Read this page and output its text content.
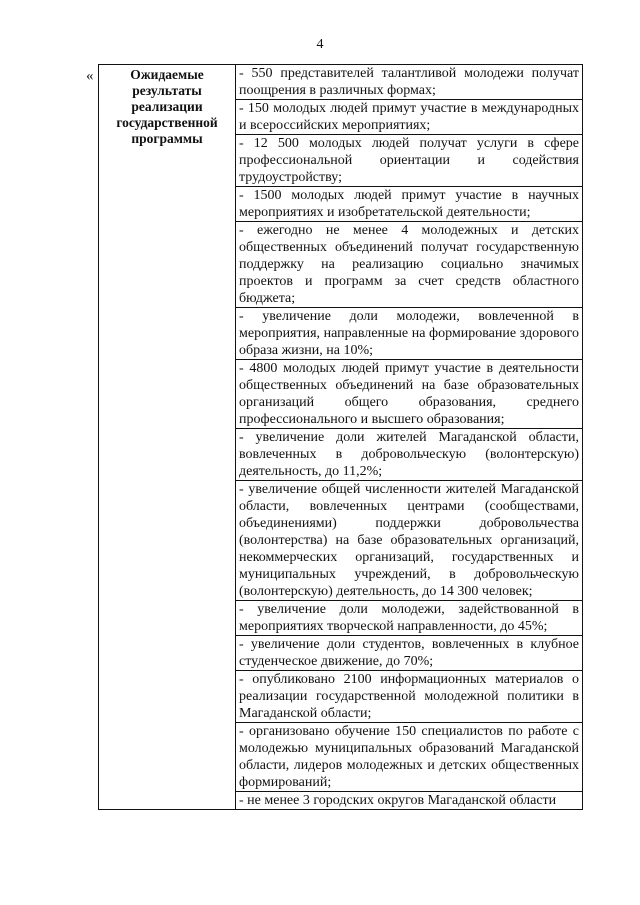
4
«	Ожидаемые
результаты
реализации
государственной
программы

- 550 представителей талантливой молодежи получат поощрения в различных формах;
- 150 молодых людей примут участие в международных и всероссийских мероприятиях;
- 12 500 молодых людей получат услуги в сфере профессиональной ориентации и содействия трудоустройству;
- 1500 молодых людей примут участие в научных мероприятиях и изобретательской деятельности;
- ежегодно не менее 4 молодежных и детских общественных объединений получат государственную поддержку на реализацию социально значимых проектов и программ за счет средств областного бюджета;
- увеличение доли молодежи, вовлеченной в мероприятия, направленные на формирование здорового образа жизни, на 10%;
- 4800 молодых людей примут участие в деятельности общественных объединений на базе образовательных организаций общего образования, среднего профессионального и высшего образования;
- увеличение доли жителей Магаданской области, вовлеченных в добровольческую (волонтерскую) деятельность, до 11,2%;
- увеличение общей численности жителей Магаданской области, вовлеченных центрами (сообществами, объединениями) поддержки добровольчества (волонтерства) на базе образовательных организаций, некоммерческих организаций, государственных и муниципальных учреждений, в добровольческую (волонтерскую) деятельность, до 14 300 человек;
- увеличение доли молодежи, задействованной в мероприятиях творческой направленности, до 45%;
- увеличение доли студентов, вовлеченных в клубное студенческое движение, до 70%;
- опубликовано 2100 информационных материалов о реализации государственной молодежной политики в Магаданской области;
- организовано обучение 150 специалистов по работе с молодежью муниципальных образований Магаданской области, лидеров молодежных и детских общественных формирований;
- не менее 3 городских округов Магаданской области
